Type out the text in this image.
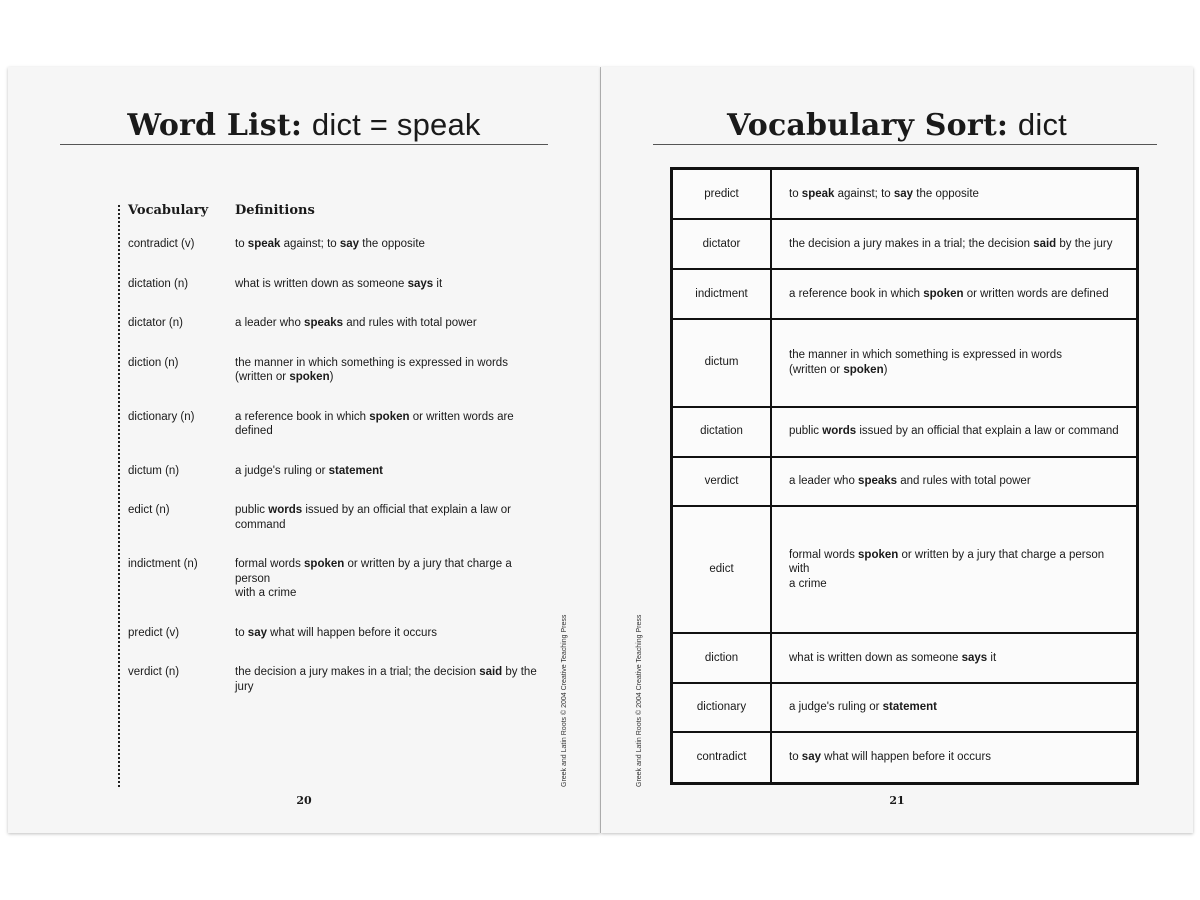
Word List: dict = speak
Vocabulary	Definitions
contradict (v)	to speak against; to say the opposite
dictation (n)	what is written down as someone says it
dictator (n)	a leader who speaks and rules with total power
diction (n)	the manner in which something is expressed in words
(written or spoken)
dictionary (n)	a reference book in which spoken or written words are defined
dictum (n)	a judge's ruling or statement
edict (n)	public words issued by an official that explain a law or
command
indictment (n)	formal words spoken or written by a jury that charge a person
with a crime
predict (v)	to say what will happen before it occurs
verdict (n)	the decision a jury makes in a trial; the decision said by the jury	Greek and Latin Roots © 2004 Creative Teaching Press
20
Vocabulary Sort: dict
predict	to speak against; to say the opposite
dictator	the decision a jury makes in a trial; the decision said by the jury
indictment	a reference book in which spoken or written words are defined
dictum	the manner in which something is expressed in words
(written or spoken)
dictation	public words issued by an official that explain a law or command
verdict	a leader who speaks and rules with total power
edict	formal words spoken or written by a jury that charge a person with
a crime
diction	what is written down as someone says it
dictionary	a judge's ruling or statement
contradict	to say what will happen before it occurs
Greek and Latin Roots © 2004 Creative Teaching Press
21
